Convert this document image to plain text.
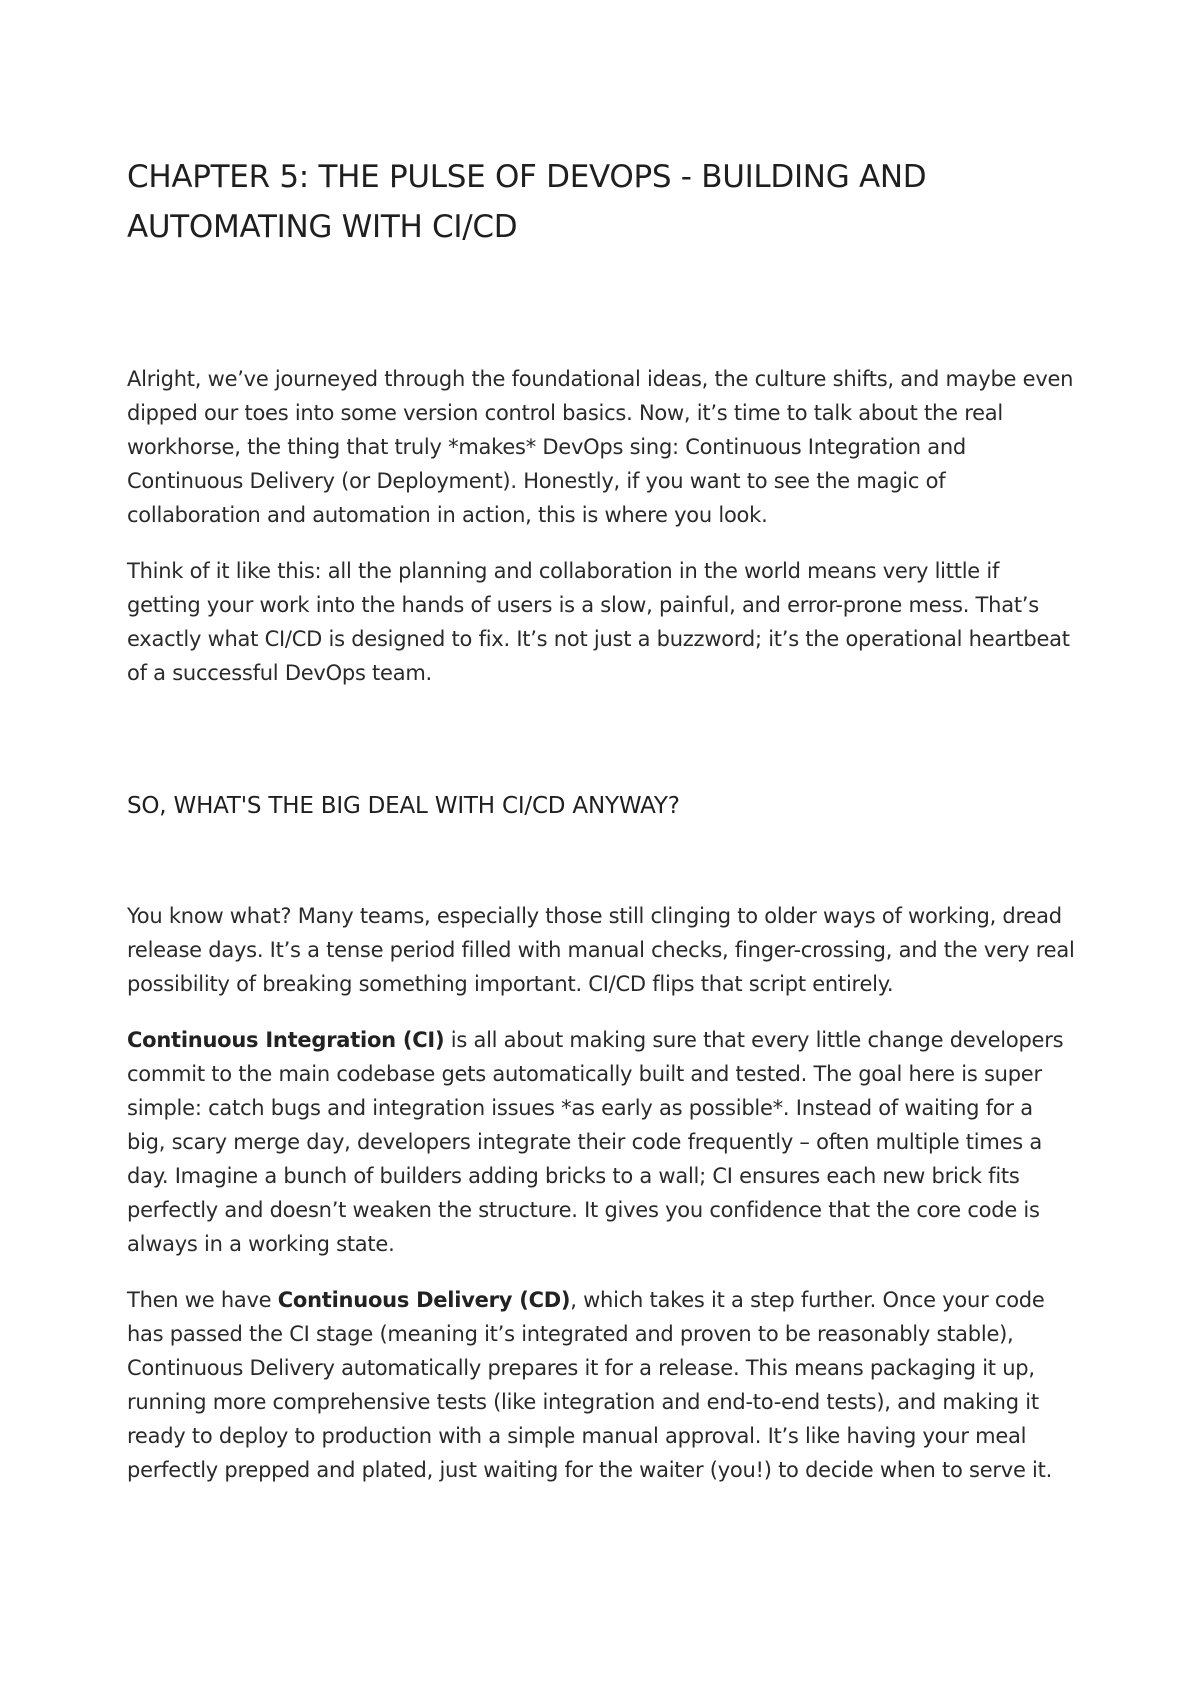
CHAPTER 5: THE PULSE OF DEVOPS - BUILDING AND AUTOMATING WITH CI/CD

Alright, we’ve journeyed through the foundational ideas, the culture shifts, and maybe even dipped our toes into some version control basics. Now, it’s time to talk about the real workhorse, the thing that truly *makes* DevOps sing: Continuous Integration and Continuous Delivery (or Deployment). Honestly, if you want to see the magic of collaboration and automation in action, this is where you look.

Think of it like this: all the planning and collaboration in the world means very little if getting your work into the hands of users is a slow, painful, and error-prone mess. That’s exactly what CI/CD is designed to fix. It’s not just a buzzword; it’s the operational heartbeat of a successful DevOps team.

SO, WHAT'S THE BIG DEAL WITH CI/CD ANYWAY?

You know what? Many teams, especially those still clinging to older ways of working, dread release days. It’s a tense period filled with manual checks, finger-crossing, and the very real possibility of breaking something important. CI/CD flips that script entirely.

Continuous Integration (CI) is all about making sure that every little change developers commit to the main codebase gets automatically built and tested. The goal here is super simple: catch bugs and integration issues *as early as possible*. Instead of waiting for a big, scary merge day, developers integrate their code frequently – often multiple times a day. Imagine a bunch of builders adding bricks to a wall; CI ensures each new brick fits perfectly and doesn’t weaken the structure. It gives you confidence that the core code is always in a working state.

Then we have Continuous Delivery (CD), which takes it a step further. Once your code has passed the CI stage (meaning it’s integrated and proven to be reasonably stable), Continuous Delivery automatically prepares it for a release. This means packaging it up, running more comprehensive tests (like integration and end-to-end tests), and making it ready to deploy to production with a simple manual approval. It’s like having your meal perfectly prepped and plated, just waiting for the waiter (you!) to decide when to serve it.
